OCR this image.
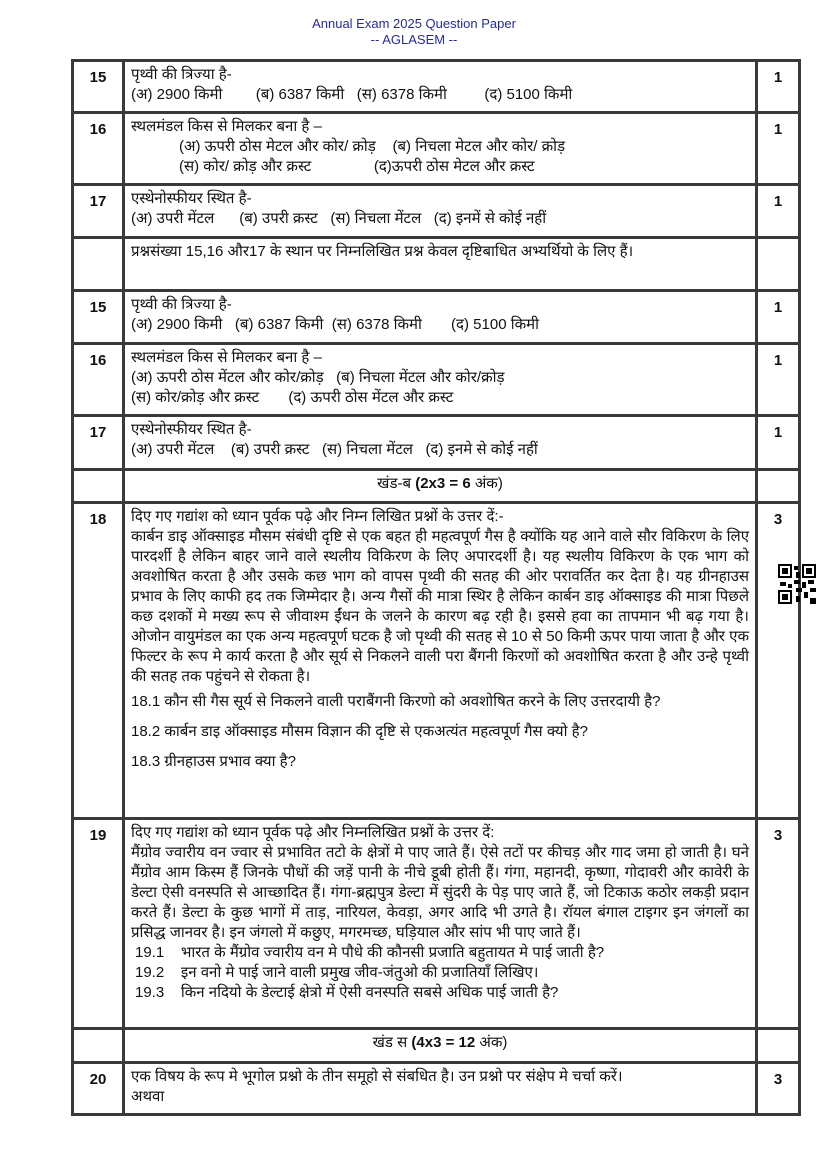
Annual Exam 2025 Question Paper
-- AGLASEM --
15	पृथ्वी की त्रिज्या है-
(अ) 2900 किमी        (ब) 6387 किमी   (स) 6378 किमी         (द) 5100 किमी	1
16	स्थलमंडल किस से मिलकर बना है –
(अ) ऊपरी ठोस मेटल और कोर/ क्रोड़    (ब) निचला मेटल और कोर/ क्रोड़
(स) कोर/ क्रोड़ और क्रस्ट               (द)ऊपरी ठोस मेटल और क्रस्ट	1
17	एस्थेनोस्फीयर स्थित है-
(अ) उपरी मेंटल      (ब) उपरी क्रस्ट   (स) निचला मेंटल   (द) इनमें से कोई नहीं	1
	प्रश्नसंख्या 15,16 और17 के स्थान पर निम्नलिखित प्रश्न केवल दृष्टिबाधित अभ्यर्थियो के लिए हैं।	
15	पृथ्वी की त्रिज्या है-
(अ) 2900 किमी   (ब) 6387 किमी  (स) 6378 किमी       (द) 5100 किमी	1
16	स्थलमंडल किस से मिलकर बना है –
(अ) ऊपरी ठोस मेंटल और कोर/क्रोड़   (ब) निचला मेंटल और कोर/क्रोड़
(स) कोर/क्रोड़ और क्रस्ट       (द) ऊपरी ठोस मेंटल और क्रस्ट	1
17	एस्थेनोस्फीयर स्थित है-
(अ) उपरी मेंटल    (ब) उपरी क्रस्ट   (स) निचला मेंटल   (द) इनमे से कोई नहीं	1
	खंड-ब (2x3 = 6 अंक)	
18	दिए गए गद्यांश को ध्यान पूर्वक पढ़े और निम्न लिखित प्रश्नों के उत्तर दें:-
कार्बन डाइ ऑक्साइड मौसम संबंधी दृष्टि से एक बहत ही महत्वपूर्ण गैस है क्योंकि यह आने वाले सौर विकिरण के लिए पारदर्शी है लेकिन बाहर जाने वाले स्थलीय विकिरण के लिए अपारदर्शी है। यह स्थलीय विकिरण के एक भाग को अवशोषित करता है और उसके कछ भाग को वापस पृथ्वी की सतह की ओर परावर्तित कर देता है। यह ग्रीनहाउस प्रभाव के लिए काफी हद तक जिम्मेदार है। अन्य गैसों की मात्रा स्थिर है लेकिन कार्बन डाइ ऑक्साइड की मात्रा पिछले कछ दशकों मे मख्य रूप से जीवाश्म ईंधन के जलने के कारण बढ़ रही है। इससे हवा का तापमान भी बढ़ गया है। ओजोन वायुमंडल का एक अन्य महत्वपूर्ण घटक है जो पृथ्वी की सतह से 10 से 50 किमी ऊपर पाया जाता है और एक फिल्टर के रूप मे कार्य करता है और सूर्य से निकलने वाली परा बैंगनी किरणों को अवशोषित करता है और उन्हे पृथ्वी की सतह तक पहुंचने से रोकता है।
18.1 कौन सी गैस सूर्य से निकलने वाली पराबैंगनी किरणो को अवशोषित करने के लिए उत्तरदायी है?
18.2 कार्बन डाइ ऑक्साइड मौसम विज्ञान की दृष्टि से एकअत्यंत महत्वपूर्ण गैस क्यो है?
18.3 ग्रीनहाउस प्रभाव क्या है?	3
19	दिए गए गद्यांश को ध्यान पूर्वक पढ़े और निम्नलिखित प्रश्नों के उत्तर दें:
मैंग्रोव ज्वारीय वन ज्वार से प्रभावित तटो के क्षेत्रों मे पाए जाते हैं। ऐसे तटों पर कीचड़ और गाद जमा हो जाती है। घने मैंग्रोव आम किस्म हैं जिनके पौधों की जड़ें पानी के नीचे डूबी होती हैं। गंगा, महानदी, कृष्णा, गोदावरी और कावेरी के डेल्टा ऐसी वनस्पति से आच्छादित हैं। गंगा-ब्रह्मपुत्र डेल्टा में सुंदरी के पेड़ पाए जाते हैं, जो टिकाऊ कठोर लकड़ी प्रदान करते हैं। डेल्टा के कुछ भागों में ताड़, नारियल, केवड़ा, अगर आदि भी उगते है। रॉयल बंगाल टाइगर इन जंगलों का प्रसिद्ध जानवर है। इन जंगलो में कछुए, मगरमच्छ, घड़ियाल और सांप भी पाए जाते हैं।
19.1    भारत के मैंग्रोव ज्वारीय वन मे पौधे की कौनसी प्रजाति बहुतायत मे पाई जाती है?
19.2    इन वनो मे पाई जाने वाली प्रमुख जीव-जंतुओ की प्रजातियाँ लिखिए।
19.3    किन नदियो के डेल्टाई क्षेत्रो में ऐसी वनस्पति सबसे अधिक पाई जाती है?	3
	खंड स (4x3 = 12 अंक)	
20	एक विषय के रूप मे भूगोल प्रश्नो के तीन समूहो से संबधित है। उन प्रश्नो पर संक्षेप मे चर्चा करें।
अथवा	3
